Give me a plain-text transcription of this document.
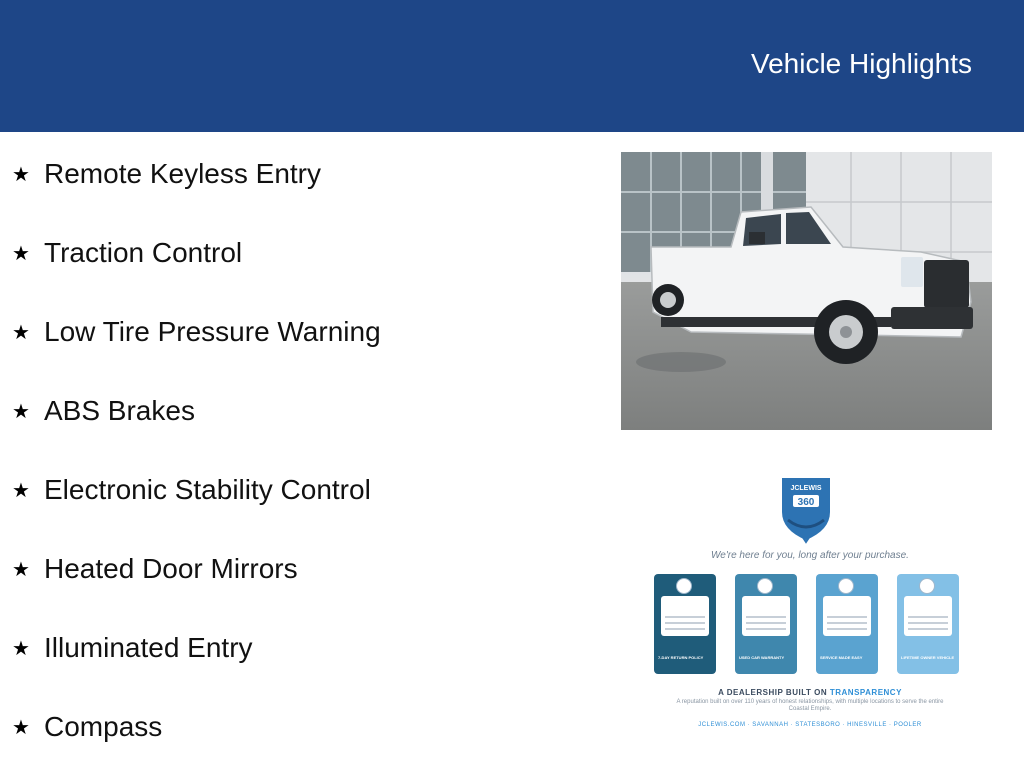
Vehicle Highlights
★ Remote Keyless Entry
★ Traction Control
★ Low Tire Pressure Warning
★ ABS Brakes
★ Electronic Stability Control
★ Heated Door Mirrors
★ Illuminated Entry
★ Compass
JCLEWIS
360
We're here for you, long after your purchase.
7-DAY RETURN POLICY	USED CAR WARRANTY	SERVICE MADE EASY	LIFETIME OWNER VEHICLE
A DEALERSHIP BUILT ON TRANSPARENCY
A reputation built on over 110 years of honest relationships, with multiple locations to serve the entire Coastal Empire.
JCLEWIS.COM · SAVANNAH · STATESBORO · HINESVILLE · POOLER
